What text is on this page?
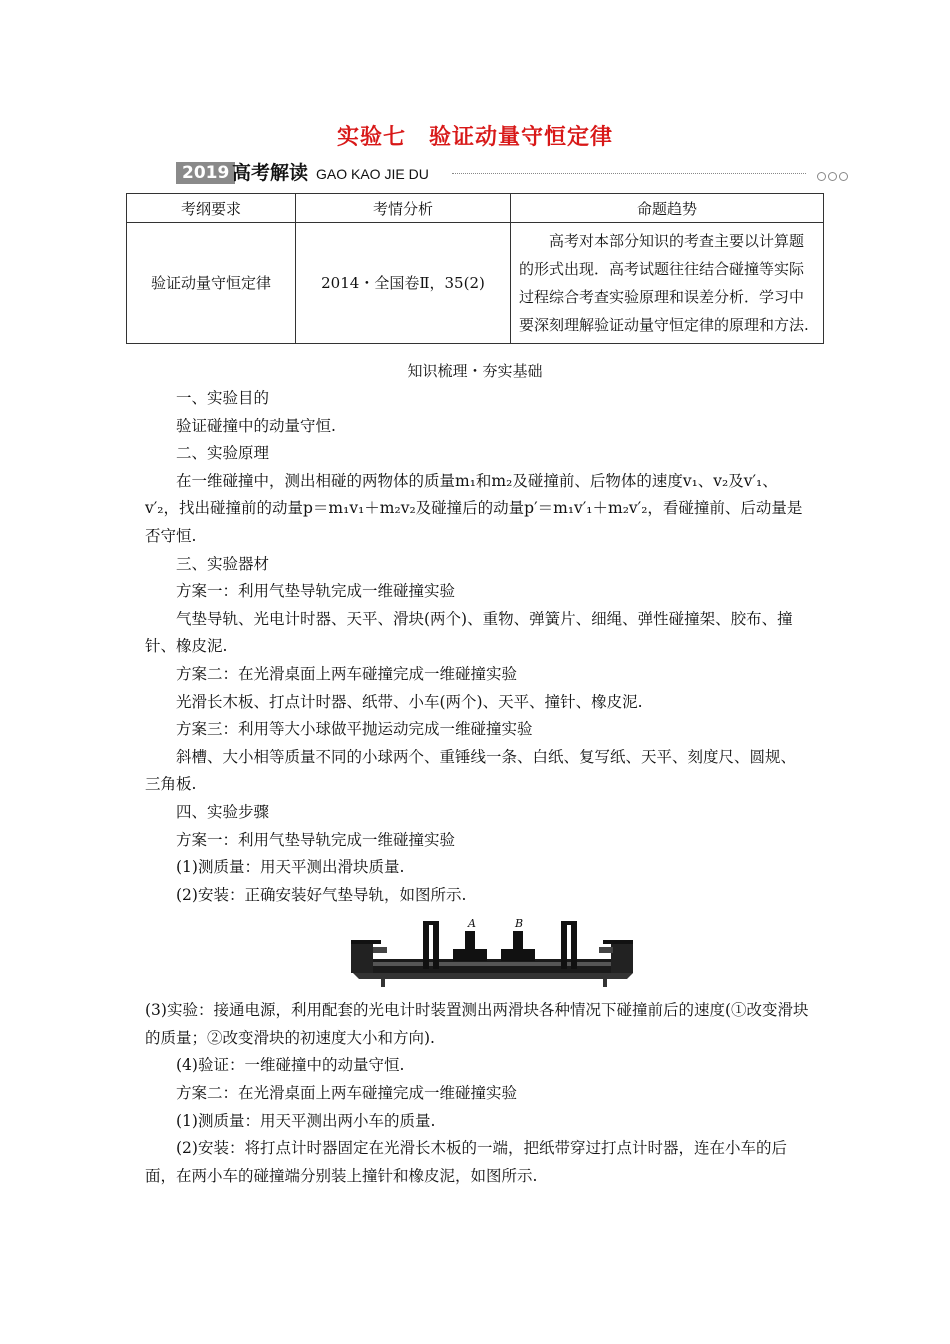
实验七　验证动量守恒定律
2019 高考解读 GAO KAO JIE DU
考纲要求	考情分析	命题趋势
验证动量守恒定律	2014・全国卷Ⅱ，35(2)	高考对本部分知识的考查主要以计算题的形式出现．高考试题往往结合碰撞等实际过程综合考查实验原理和误差分析．学习中要深刻理解验证动量守恒定律的原理和方法.
知识梳理・夯实基础

一、实验目的

验证碰撞中的动量守恒.

二、实验原理

在一维碰撞中，测出相碰的两物体的质量m₁和m₂及碰撞前、后物体的速度v₁、v₂及v′₁、v′₂，找出碰撞前的动量p＝m₁v₁＋m₂v₂及碰撞后的动量p′＝m₁v′₁＋m₂v′₂，看碰撞前、后动量是否守恒.

三、实验器材

方案一：利用气垫导轨完成一维碰撞实验

气垫导轨、光电计时器、天平、滑块(两个)、重物、弹簧片、细绳、弹性碰撞架、胶布、撞针、橡皮泥.

方案二：在光滑桌面上两车碰撞完成一维碰撞实验

光滑长木板、打点计时器、纸带、小车(两个)、天平、撞针、橡皮泥.

方案三：利用等大小球做平抛运动完成一维碰撞实验

斜槽、大小相等质量不同的小球两个、重锤线一条、白纸、复写纸、天平、刻度尺、圆规、三角板.

四、实验步骤

方案一：利用气垫导轨完成一维碰撞实验

(1)测质量：用天平测出滑块质量.

(2)安装：正确安装好气垫导轨，如图所示.

A	B

(3)实验：接通电源，利用配套的光电计时装置测出两滑块各种情况下碰撞前后的速度(①改变滑块的质量；②改变滑块的初速度大小和方向).

(4)验证：一维碰撞中的动量守恒.

方案二：在光滑桌面上两车碰撞完成一维碰撞实验

(1)测质量：用天平测出两小车的质量.

(2)安装：将打点计时器固定在光滑长木板的一端，把纸带穿过打点计时器，连在小车的后面，在两小车的碰撞端分别装上撞针和橡皮泥，如图所示.
